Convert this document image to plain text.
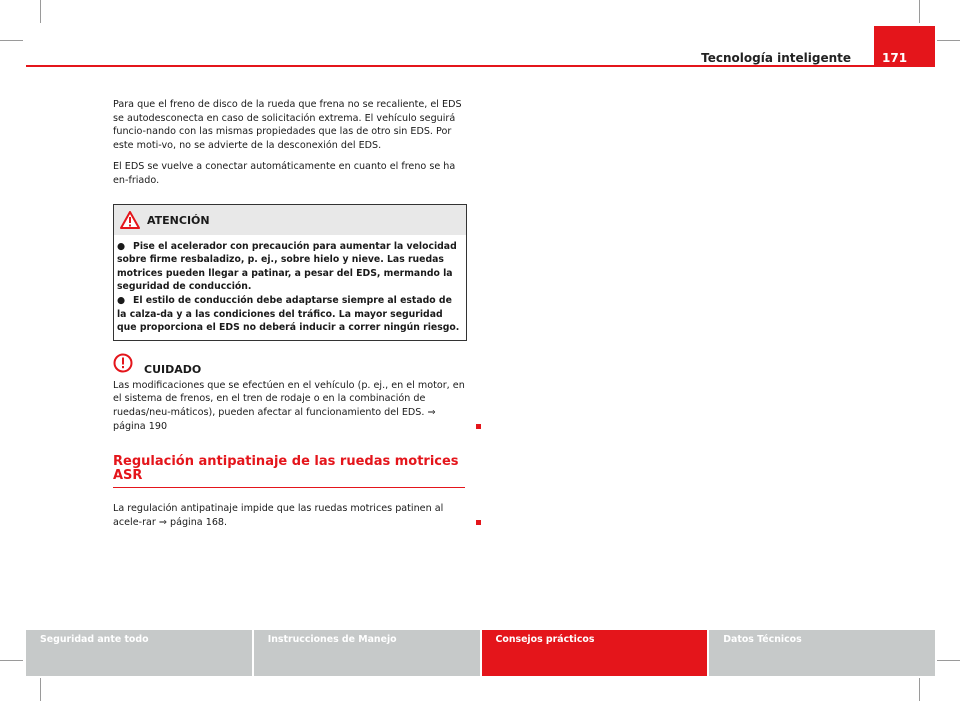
Tecnología inteligente	171

Para que el freno de disco de la rueda que frena no se recaliente, el EDS se autodesconecta en caso de solicitación extrema. El vehículo seguirá funcio-nando con las mismas propiedades que las de otro sin EDS. Por este moti-vo, no se advierte de la desconexión del EDS.

El EDS se vuelve a conectar automáticamente en cuanto el freno se ha en-friado.

ATENCIÓN

● Pise el acelerador con precaución para aumentar la velocidad sobre firme resbaladizo, p. ej., sobre hielo y nieve. Las ruedas motrices pueden llegar a patinar, a pesar del EDS, mermando la seguridad de conducción.

● El estilo de conducción debe adaptarse siempre al estado de la calza-da y a las condiciones del tráfico. La mayor seguridad que proporciona el EDS no deberá inducir a correr ningún riesgo.

CUIDADO

Las modificaciones que se efectúen en el vehículo (p. ej., en el motor, en el sistema de frenos, en el tren de rodaje o en la combinación de ruedas/neu-máticos), pueden afectar al funcionamiento del EDS. ⇒ página 190

Regulación antipatinaje de las ruedas motrices ASR

La regulación antipatinaje impide que las ruedas motrices patinen al acele-rar ⇒ página 168.

Seguridad ante todo	Instrucciones de Manejo	Consejos prácticos	Datos Técnicos
